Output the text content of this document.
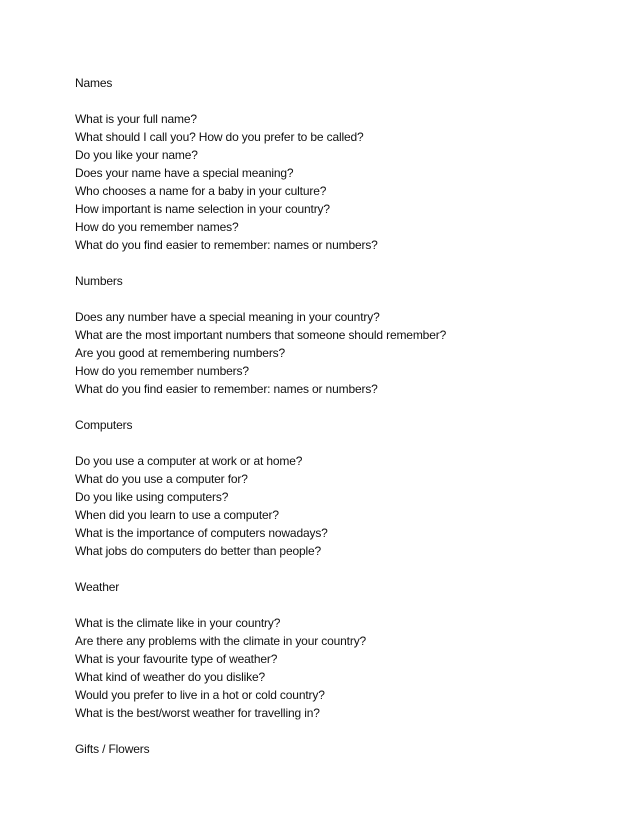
Names
What is your full name?
What should I call you? How do you prefer to be called?
Do you like your name?
Does your name have a special meaning?
Who chooses a name for a baby in your culture?
How important is name selection in your country?
How do you remember names?
What do you find easier to remember: names or numbers?
Numbers
Does any number have a special meaning in your country?
What are the most important numbers that someone should remember?
Are you good at remembering numbers?
How do you remember numbers?
What do you find easier to remember: names or numbers?
Computers
Do you use a computer at work or at home?
What do you use a computer for?
Do you like using computers?
When did you learn to use a computer?
What is the importance of computers nowadays?
What jobs do computers do better than people?
Weather
What is the climate like in your country?
Are there any problems with the climate in your country?
What is your favourite type of weather?
What kind of weather do you dislike?
Would you prefer to live in a hot or cold country?
What is the best/worst weather for travelling in?
Gifts / Flowers
